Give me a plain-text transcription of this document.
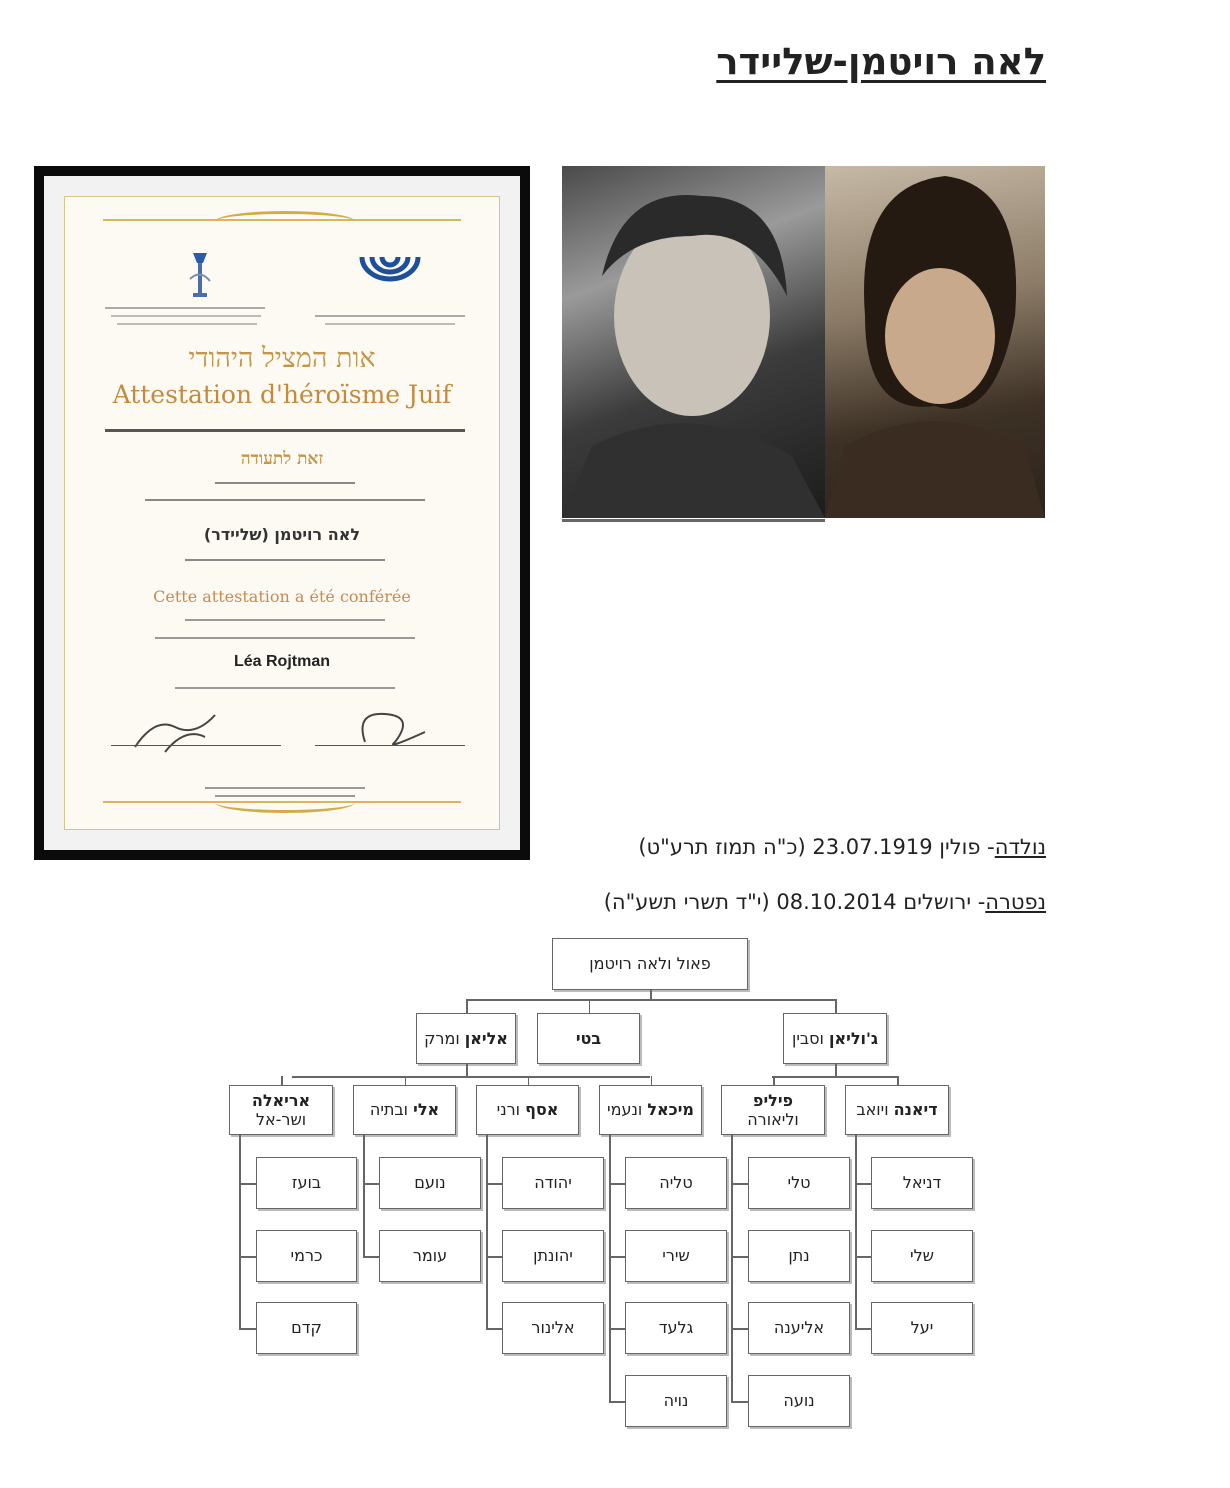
לאה רויטמן-שליידר
אות המציל היהודי
Attestation d'héroïsme Juif
זאת לתעודה
לאה רויטמן (שליידר)
Cette attestation a été conférée
Léa Rojtman
נולדה- פולין 23.07.1919 (כ"ה תמוז תרע"ט)
נפטרה- ירושלים 08.10.2014 (י"ד תשרי תשע"ה)
פאול ולאה רויטמן
אליאן ומרק	בטי	ג'וליאן וסבין
אריאלה
ושר-אל
בועז
כרמי
קדם
אלי ובתיה
נועם
עומר
אסף ורני
יהודה
יהונתן
אלינור
מיכאל ונעמי
טליה
שירי
גלעד
נויה
פיליפ
וליאורה
טלי
נתן
אליענה
נועה
דיאנה ויואב
דניאל
שלי
יעל
